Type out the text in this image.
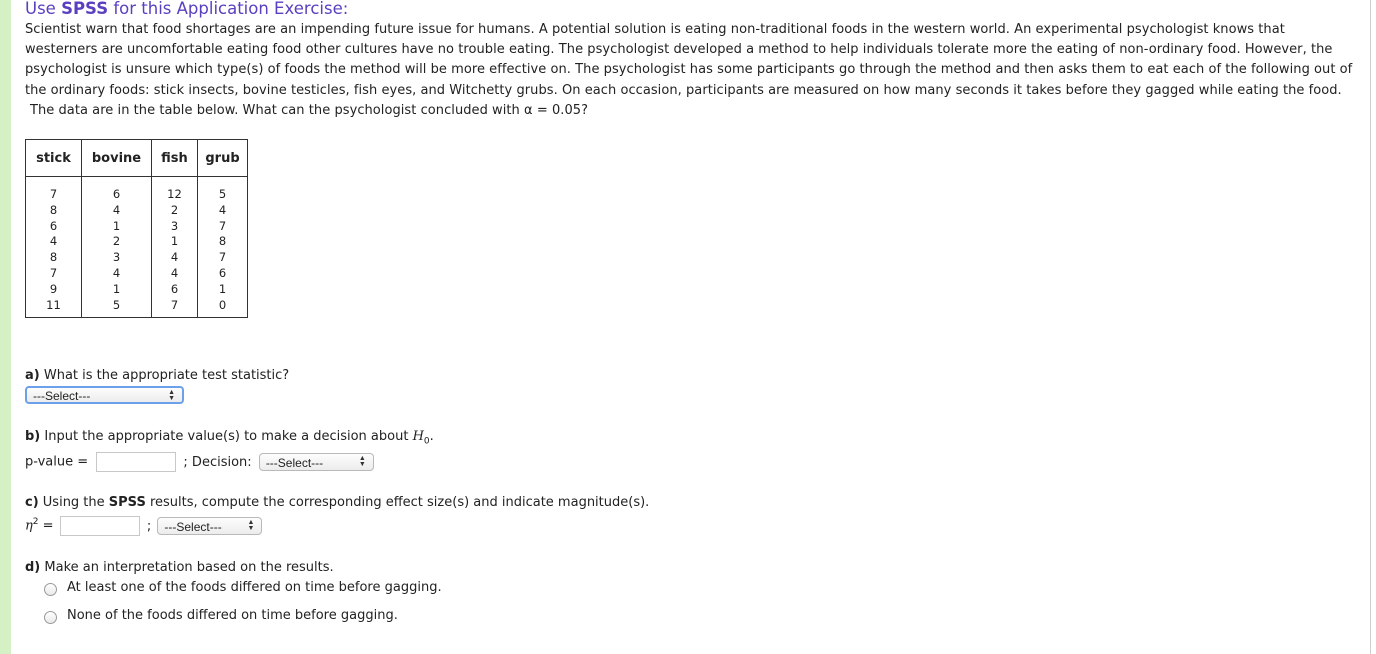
Use SPSS for this Application Exercise:
Scientist warn that food shortages are an impending future issue for humans. A potential solution is eating non-traditional foods in the western world. An experimental psychologist knows that
westerners are uncomfortable eating food other cultures have no trouble eating. The psychologist developed a method to help individuals tolerate more the eating of non-ordinary food. However, the
psychologist is unsure which type(s) of foods the method will be more effective on. The psychologist has some participants go through the method and then asks them to eat each of the following out of
the ordinary foods: stick insects, bovine testicles, fish eyes, and Witchetty grubs. On each occasion, participants are measured on how many seconds it takes before they gagged while eating the food.
The data are in the table below. What can the psychologist concluded with α = 0.05?
stick	bovine	fish	grub
7	6	12	5
8	4	2	4
6	1	3	7
4	2	1	8
8	3	4	7
7	4	4	6
9	1	6	1
11	5	7	0
a) What is the appropriate test statistic?
---Select---	▲
▼
b) Input the appropriate value(s) to make a decision about $H_0$.
p-value =	; Decision: ---Select---	▲
▼
c) Using the SPSS results, compute the corresponding effect size(s) and indicate magnitude(s).
$\eta^2$ =	; ---Select---	▲
▼
d) Make an interpretation based on the results.
At least one of the foods differed on time before gagging.
None of the foods differed on time before gagging.
